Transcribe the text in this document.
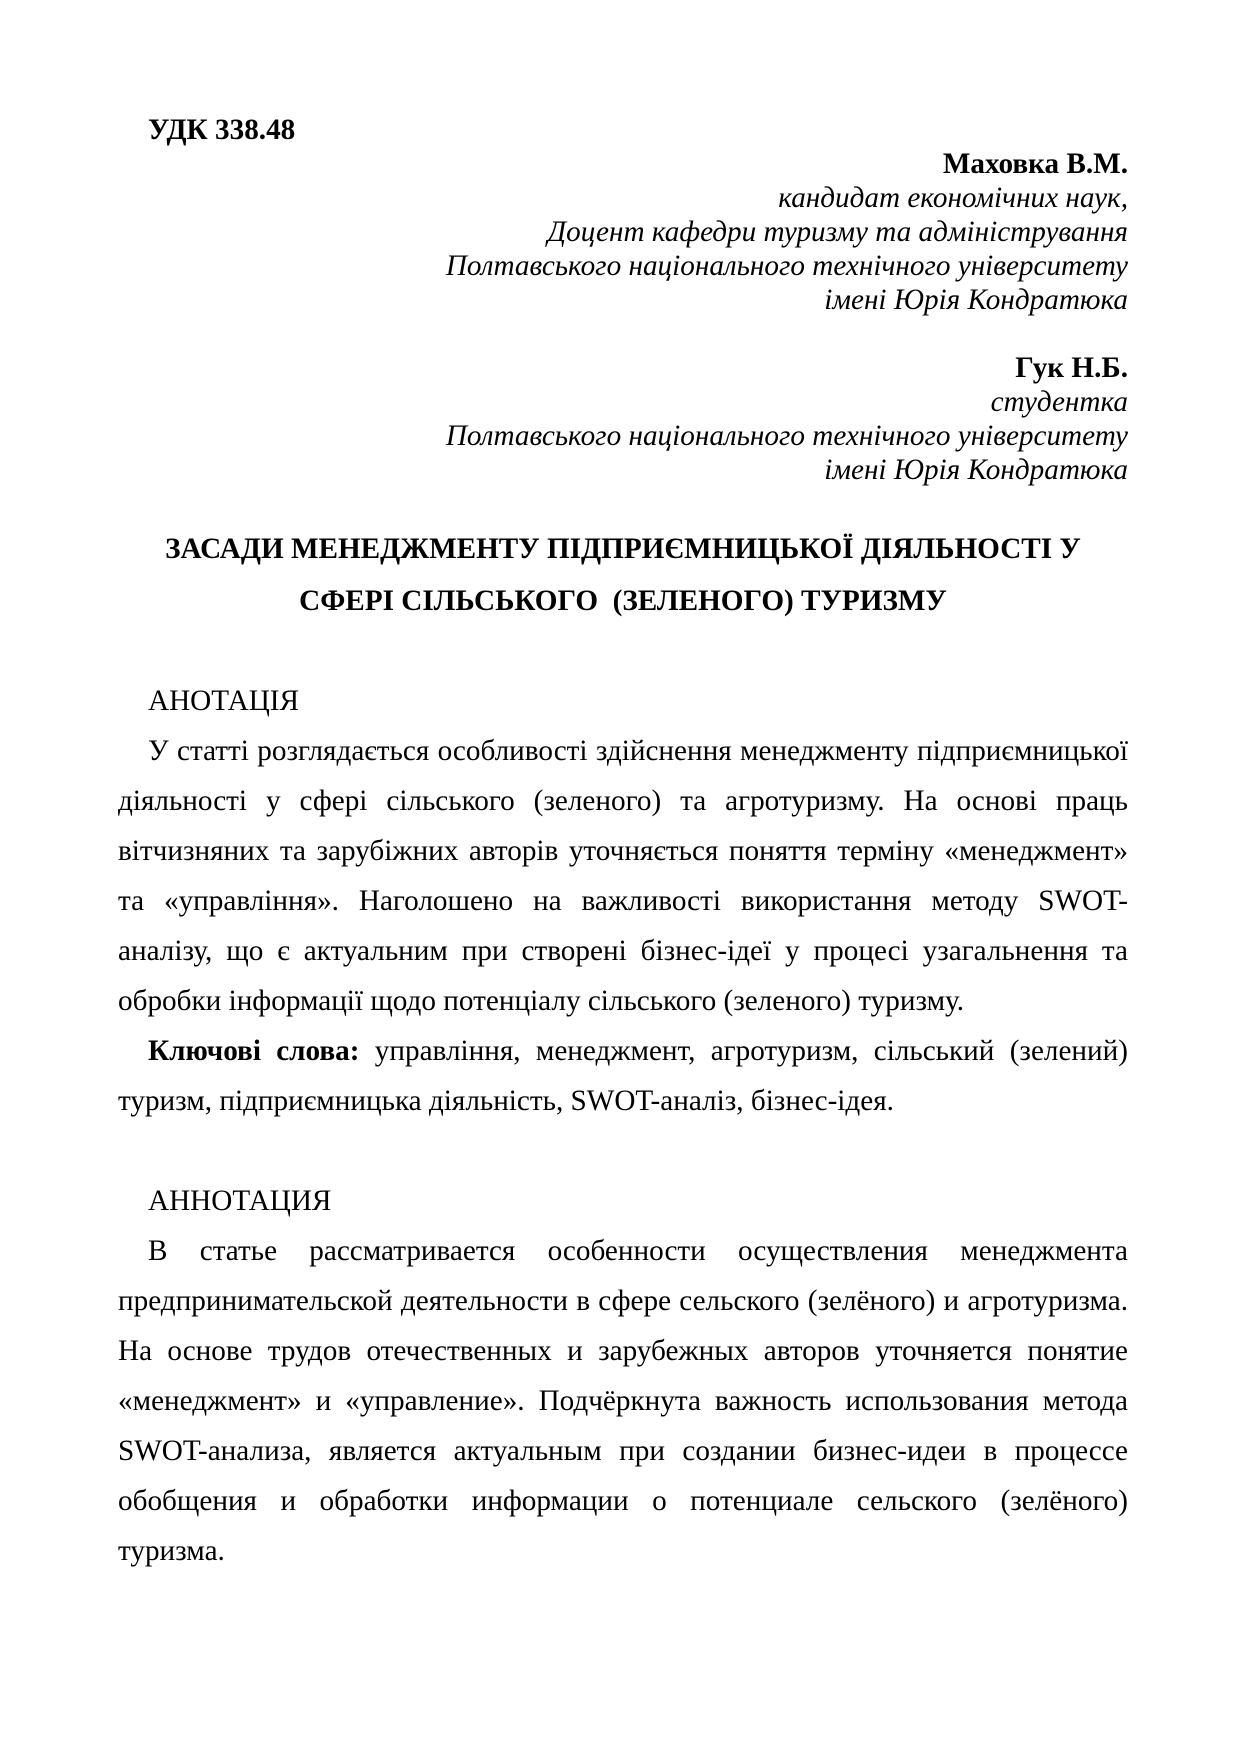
УДК 338.48
Маховка В.М.
кандидат економічних наук,
Доцент кафедри туризму та адміністрування
Полтавського національного технічного університету
імені Юрія Кондратюка
Гук Н.Б.
студентка
Полтавського національного технічного університету
імені Юрія Кондратюка
ЗАСАДИ МЕНЕДЖМЕНТУ ПІДПРИЄМНИЦЬКОЇ ДІЯЛЬНОСТІ У
СФЕРІ СІЛЬСЬКОГО  (ЗЕЛЕНОГО) ТУРИЗМУ
АНОТАЦІЯ

У статті розглядається особливості здійснення менеджменту підприємницької діяльності у сфері сільського (зеленого) та агротуризму. На основі праць вітчизняних та зарубіжних авторів уточняється поняття терміну «менеджмент» та «управління». Наголошено на важливості використання методу SWOT-аналізу, що є актуальним при створені бізнес-ідеї у процесі узагальнення та обробки інформації щодо потенціалу сільського (зеленого) туризму.

Ключові слова: управління, менеджмент, агротуризм, сільський (зелений) туризм, підприємницька діяльність, SWOT-аналіз, бізнес-ідея.

АННОТАЦИЯ

В статье рассматривается особенности осуществления менеджмента предпринимательской деятельности в сфере сельского (зелёного) и агротуризма. На основе трудов отечественных и зарубежных авторов уточняется понятие «менеджмент» и «управление». Подчёркнута важность использования метода SWOT-анализа, является актуальным при создании бизнес-идеи в процессе обобщения и обработки информации о потенциале сельского (зелёного) туризма.
